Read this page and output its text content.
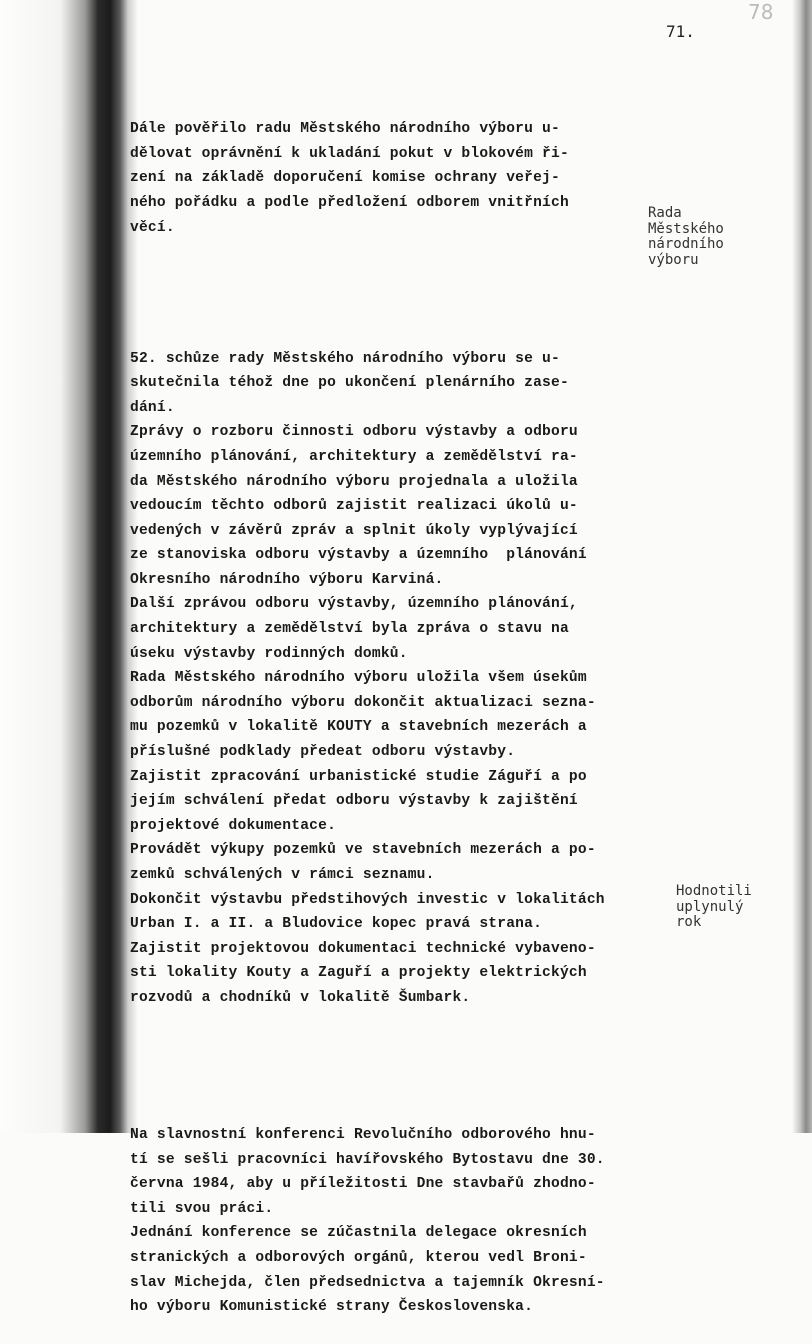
71.
78

Dále pověřilo radu Městského národního výboru u-
dělovat oprávnění k ukladání pokut v blokovém ři-
zení na základě doporučení komise ochrany veřej-
ného pořádku a podle předložení odborem vnitřních
věcí.

52. schůze rady Městského národního výboru se u-
skutečnila téhož dne po ukončení plenárního zase-
dání.
Zprávy o rozboru činnosti odboru výstavby a odboru
územního plánování, architektury a zemědělství ra-
da Městského národního výboru projednala a uložila
vedoucím těchto odborů zajistit realizaci úkolů u-
vedených v závěrů zpráv a splnit úkoly vyplývající
ze stanoviska odboru výstavby a územního  plánování
Okresního národního výboru Karviná.
Další zprávou odboru výstavby, územního plánování,
architektury a zemědělství byla zpráva o stavu na
úseku výstavby rodinných domků.
Rada Městského národního výboru uložila všem úsekům
odborům národního výboru dokončit aktualizaci sezna-
mu pozemků v lokalitě KOUTY a stavebních mezerách a
příslušné podklady předeat odboru výstavby.
Zajistit zpracování urbanistické studie Záguří a po
jejím schválení předat odboru výstavby k zajištění
projektové dokumentace.
Provádět výkupy pozemků ve stavebních mezerách a po-
zemků schválených v rámci seznamu.
Dokončit výstavbu předstihových investic v lokalitách
Urban I. a II. a Bludovice kopec pravá strana.
Zajistit projektovou dokumentaci technické vybaveno-
sti lokality Kouty a Zaguří a projekty elektrických
rozvodů a chodníků v lokalitě Šumbark.

Na slavnostní konferenci Revolučního odborového hnu-
tí se sešli pracovníci havířovského Bytostavu dne 30.
června 1984, aby u příležitosti Dne stavbařů zhodno-
tili svou práci.
Jednání konference se zúčastnila delegace okresních
stranických a odborových orgánů, kterou vedl Broni-
slav Michejda, člen předsednictva a tajemník Okresní-
ho výboru Komunistické strany Československa.

Rada
Městského
národního
výboru
Hodnotili
uplynulý
rok
